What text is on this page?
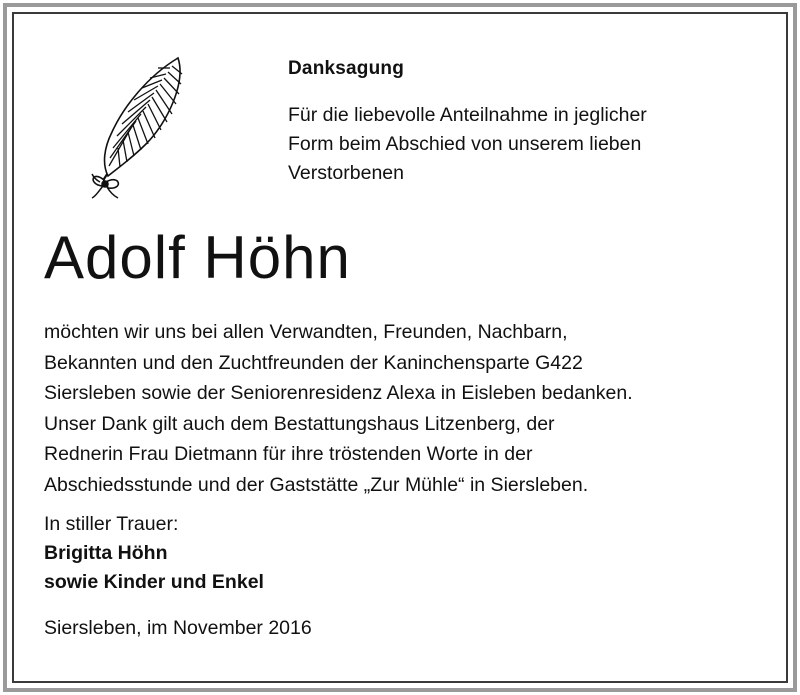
Danksagung
Für die liebevolle Anteilnahme in jeglicher
Form beim Abschied von unserem lieben
Verstorbenen
Adolf Höhn
möchten wir uns bei allen Verwandten, Freunden, Nachbarn,
Bekannten und den Zuchtfreunden der Kaninchensparte G422
Siersleben sowie der Seniorenresidenz Alexa in Eisleben bedanken.
Unser Dank gilt auch dem Bestattungshaus Litzenberg, der
Rednerin Frau Dietmann für ihre tröstenden Worte in der
Abschiedsstunde und der Gaststätte „Zur Mühle“ in Siersleben.
In stiller Trauer:
Brigitta Höhn
sowie Kinder und Enkel
Siersleben, im November 2016
